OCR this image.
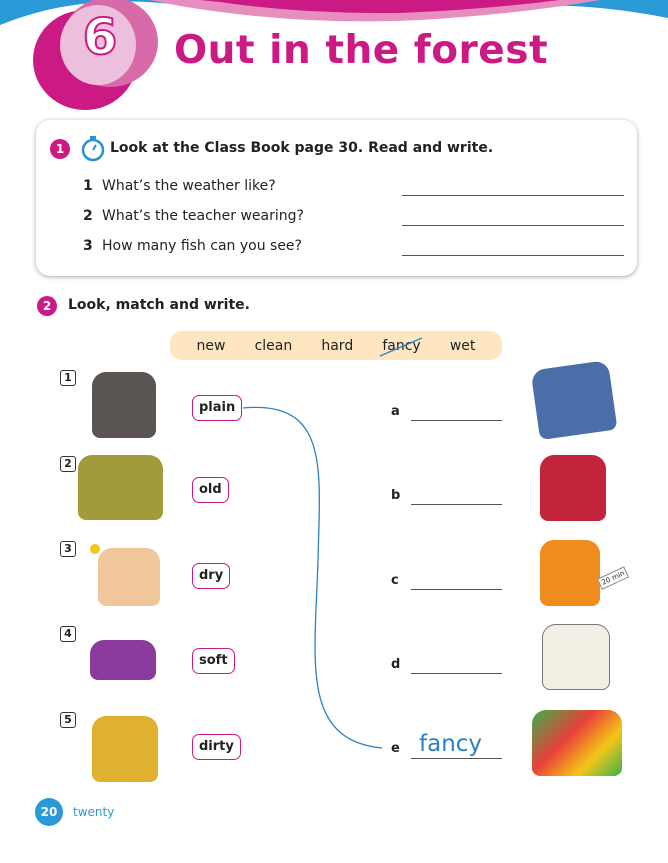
6	Out in the forest
1	Look at the Class Book page 30. Read and write.
1 What’s the weather like?
2 What’s the teacher wearing?
3 How many fish can you see?
2	Look, match and write.
new clean hard fancy wet
1
2
3
4
5
plain
old
dry
soft
dirty
a
b
c
d
e fancy
20 min
20	twenty
